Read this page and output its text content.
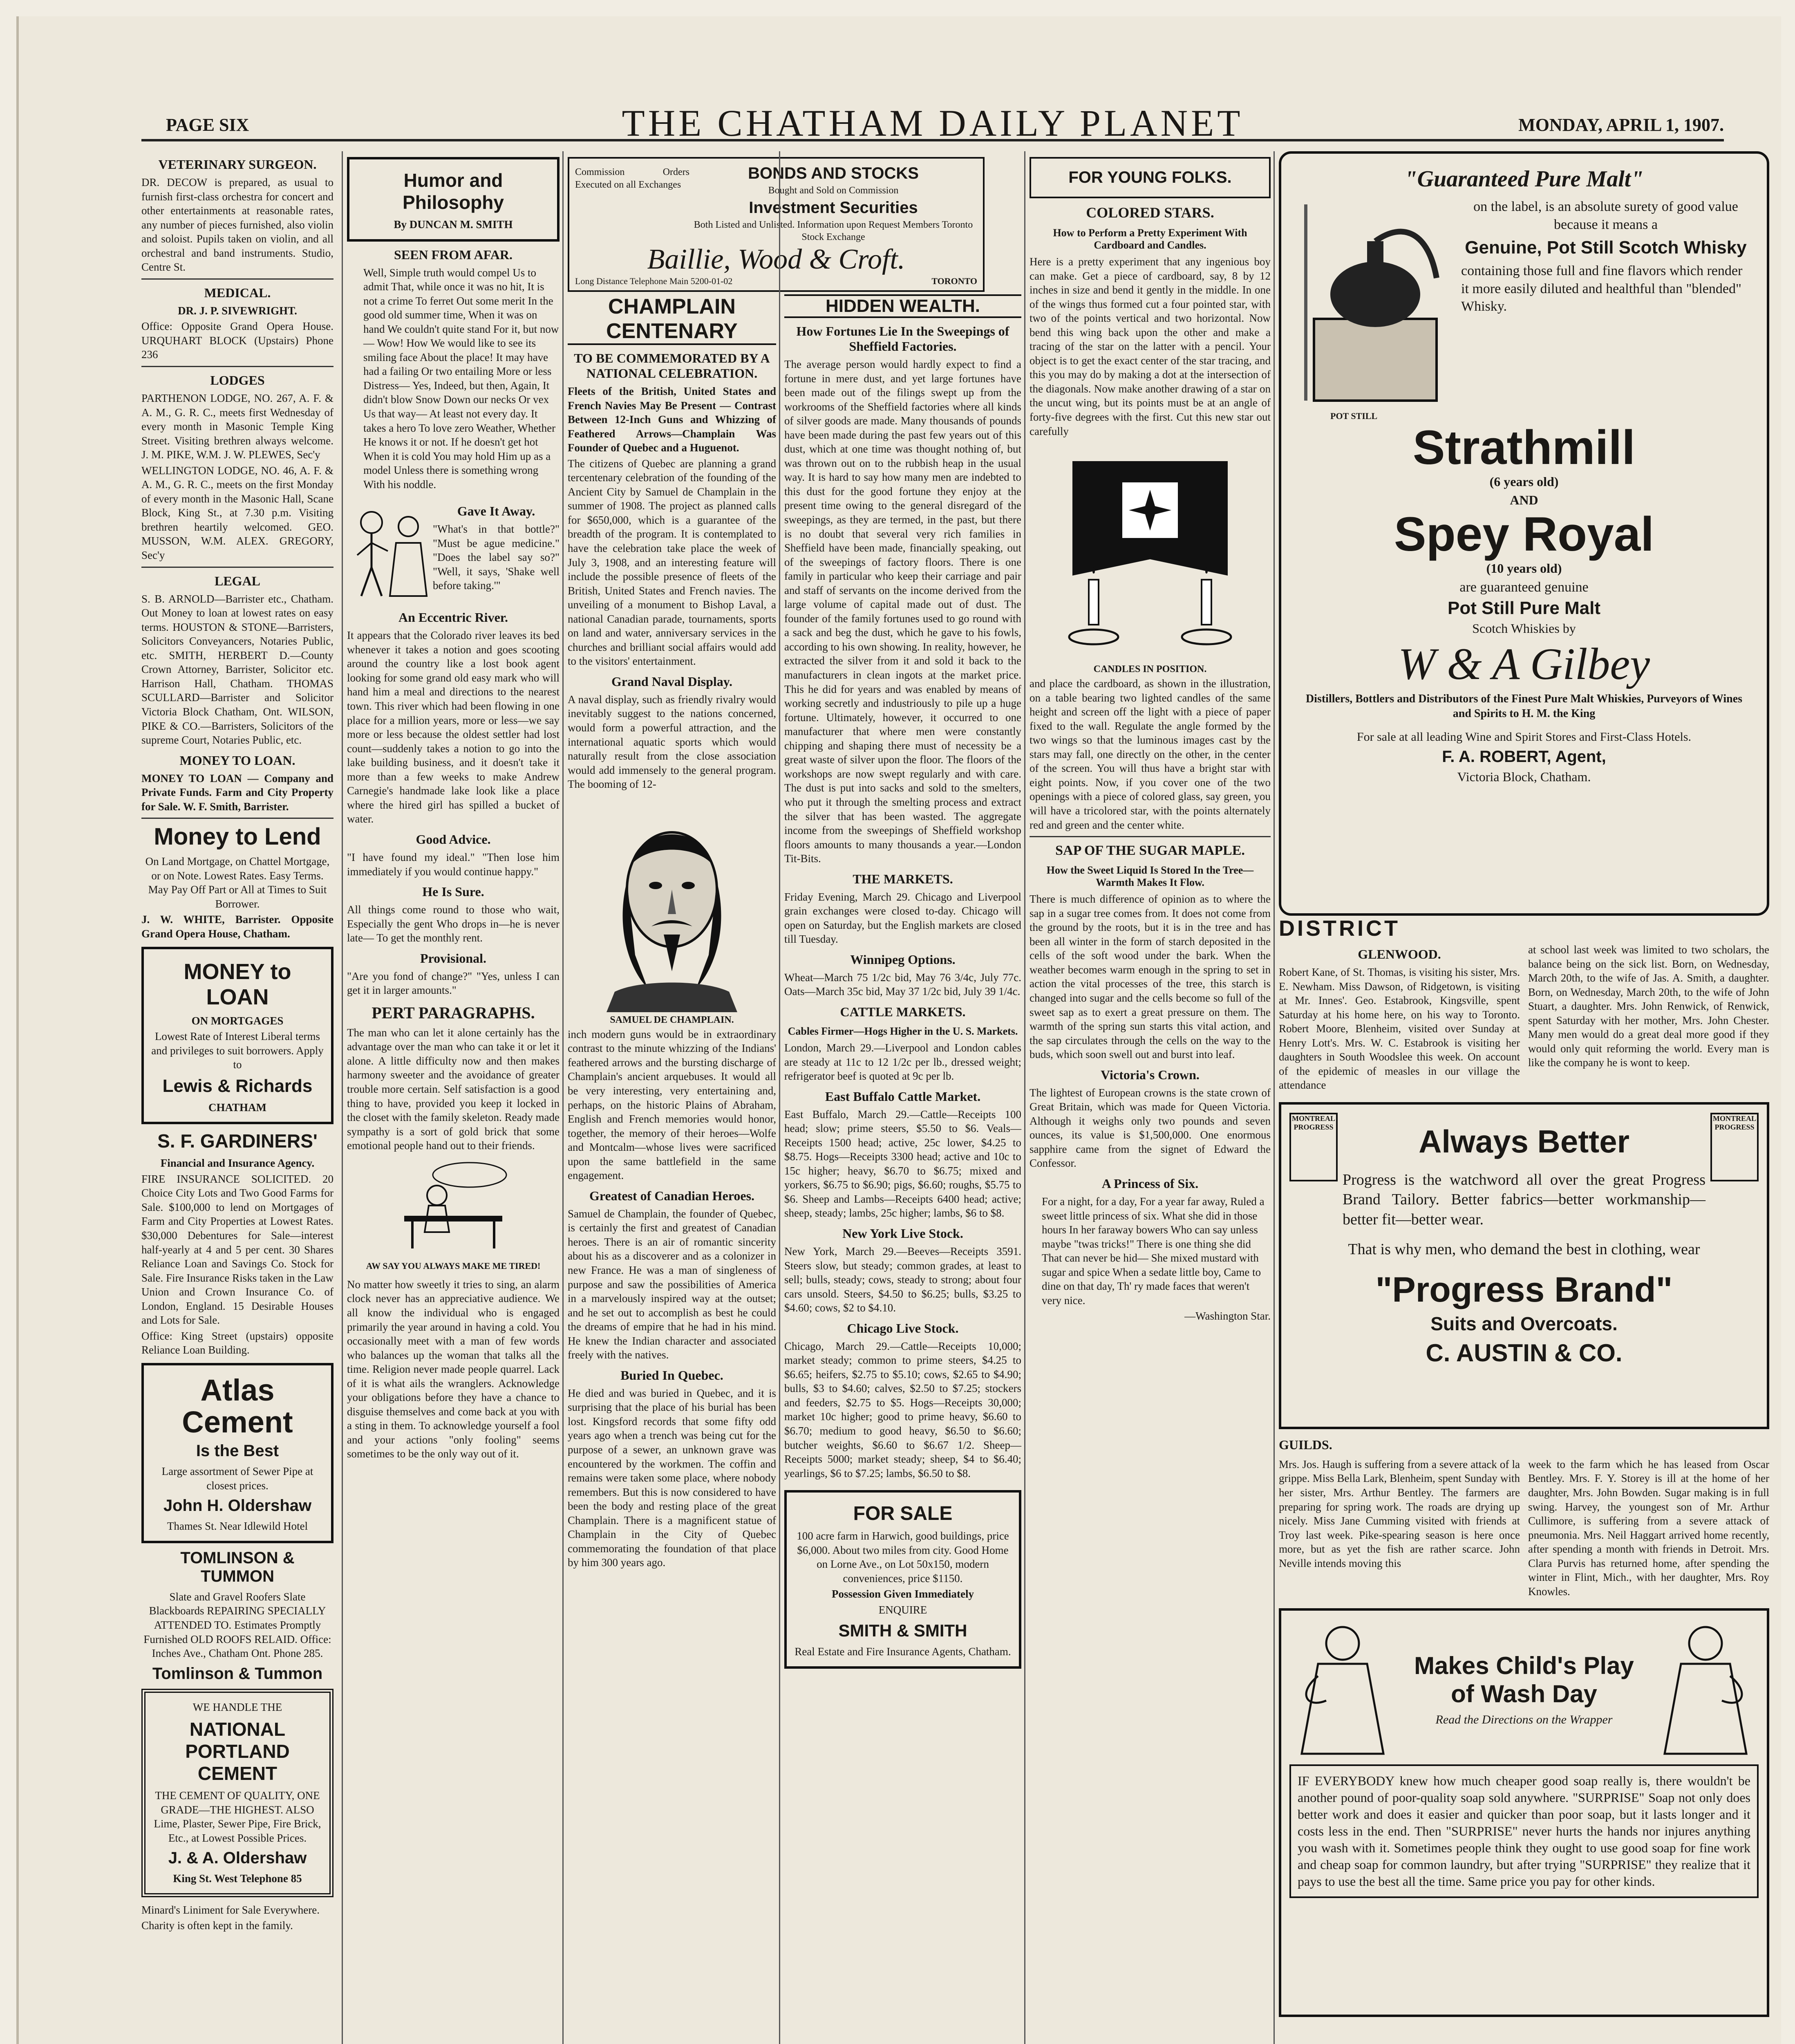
PAGE SIX	THE CHATHAM DAILY PLANET	MONDAY, APRIL 1, 1907.
VETERINARY SURGEON.
DR. DECOW is prepared, as usual to furnish first-class orchestra for concert and other entertainments at reasonable rates, any number of pieces furnished, also violin and soloist. Pupils taken on violin, and all orchestral and band instruments. Studio, Centre St.
MEDICAL.
DR. J. P. SIVEWRIGHT.
Office: Opposite Grand Opera House. URQUHART BLOCK (Upstairs) Phone 236
LODGES
PARTHENON LODGE, NO. 267, A. F. & A. M., G. R. C., meets first Wednesday of every month in Masonic Temple King Street. Visiting brethren always welcome. J. M. PIKE, W.M. J. W. PLEWES, Sec'y
WELLINGTON LODGE, NO. 46, A. F. & A. M., G. R. C., meets on the first Monday of every month in the Masonic Hall, Scane Block, King St., at 7.30 p.m. Visiting brethren heartily welcomed. GEO. MUSSON, W.M. ALEX. GREGORY, Sec'y
LEGAL
S. B. ARNOLD—Barrister etc., Chatham. Out Money to loan at lowest rates on easy terms. HOUSTON & STONE—Barristers, Solicitors Conveyancers, Notaries Public, etc. SMITH, HERBERT D.—County Crown Attorney, Barrister, Solicitor etc. Harrison Hall, Chatham. THOMAS SCULLARD—Barrister and Solicitor Victoria Block Chatham, Ont. WILSON, PIKE & CO.—Barristers, Solicitors of the supreme Court, Notaries Public, etc.
MONEY TO LOAN.
MONEY TO LOAN — Company and Private Funds. Farm and City Property for Sale. W. F. Smith, Barrister.
Money to Lend
On Land Mortgage, on Chattel Mortgage, or on Note. Lowest Rates. Easy Terms. May Pay Off Part or All at Times to Suit Borrower.
J. W. WHITE, Barrister. Opposite Grand Opera House, Chatham.
MONEY to LOAN
ON MORTGAGES
Lowest Rate of Interest Liberal terms and privileges to suit borrowers. Apply to
Lewis & Richards
CHATHAM
S. F. GARDINERS'
Financial and Insurance Agency.
FIRE INSURANCE SOLICITED. 20 Choice City Lots and Two Good Farms for Sale. $100,000 to lend on Mortgages of Farm and City Properties at Lowest Rates. $30,000 Debentures for Sale—interest half-yearly at 4 and 5 per cent. 30 Shares Reliance Loan and Savings Co. Stock for Sale. Fire Insurance Risks taken in the Law Union and Crown Insurance Co. of London, England. 15 Desirable Houses and Lots for Sale.
Office: King Street (upstairs) opposite Reliance Loan Building.
Atlas Cement
Is the Best
Large assortment of Sewer Pipe at closest prices.
John H. Oldershaw
Thames St. Near Idlewild Hotel
TOMLINSON & TUMMON
Slate and Gravel Roofers Slate Blackboards REPAIRING SPECIALLY ATTENDED TO. Estimates Promptly Furnished OLD ROOFS RELAID. Office: Inches Ave., Chatham Ont. Phone 285.
Tomlinson & Tummon
WE HANDLE THE
NATIONAL PORTLAND CEMENT
THE CEMENT OF QUALITY, ONE GRADE—THE HIGHEST. ALSO Lime, Plaster, Sewer Pipe, Fire Brick, Etc., at Lowest Possible Prices.
J. & A. Oldershaw
King St. West Telephone 85
Minard's Liniment for Sale Everywhere.
Charity is often kept in the family.
Humor and Philosophy
By DUNCAN M. SMITH
SEEN FROM AFAR.
Well, Simple truth would compel Us to admit That, while once it was no hit, It is not a crime To ferret Out some merit In the good old summer time, When it was on hand We couldn't quite stand For it, but now— Wow! How We would like to see its smiling face About the place! It may have had a failing Or two entailing More or less Distress— Yes, Indeed, but then, Again, It didn't blow Snow Down our necks Or vex Us that way— At least not every day. It takes a hero To love zero Weather, Whether He knows it or not. If he doesn't get hot When it is cold You may hold Him up as a model Unless there is something wrong With his noddle.
Gave It Away.
"What's in that bottle?" "Must be ague medicine." "Does the label say so?" "Well, it says, 'Shake well before taking.'"
An Eccentric River.
It appears that the Colorado river leaves its bed whenever it takes a notion and goes scooting around the country like a lost book agent looking for some grand old easy mark who will hand him a meal and directions to the nearest town. This river which had been flowing in one place for a million years, more or less—we say more or less because the oldest settler had lost count—suddenly takes a notion to go into the lake building business, and it doesn't take it more than a few weeks to make Andrew Carnegie's handmade lake look like a place where the hired girl has spilled a bucket of water.
Good Advice.
"I have found my ideal." "Then lose him immediately if you would continue happy."
He Is Sure.
All things come round to those who wait, Especially the gent Who drops in—he is never late— To get the monthly rent.
Provisional.
"Are you fond of change?" "Yes, unless I can get it in larger amounts."
PERT PARAGRAPHS.
The man who can let it alone certainly has the advantage over the man who can take it or let it alone. A little difficulty now and then makes harmony sweeter and the avoidance of greater trouble more certain. Self satisfaction is a good thing to have, provided you keep it locked in the closet with the family skeleton. Ready made sympathy is a sort of gold brick that some emotional people hand out to their friends.
AW SAY YOU ALWAYS MAKE ME TIRED!
No matter how sweetly it tries to sing, an alarm clock never has an appreciative audience. We all know the individual who is engaged primarily the year around in having a cold. You occasionally meet with a man of few words who balances up the woman that talks all the time. Religion never made people quarrel. Lack of it is what ails the wranglers. Acknowledge your obligations before they have a chance to disguise themselves and come back at you with a sting in them. To acknowledge yourself a fool and your actions "only fooling" seems sometimes to be the only way out of it.
Commission Orders Executed on all Exchanges
BONDS AND STOCKS
Bought and Sold on Commission
Investment Securities
Both Listed and Unlisted. Information upon Request Members Toronto Stock Exchange
Baillie, Wood & Croft.
Long Distance Telephone Main 5200-01-02	TORONTO
CHAMPLAIN CENTENARY
TO BE COMMEMORATED BY A NATIONAL CELEBRATION.
Fleets of the British, United States and French Navies May Be Present — Contrast Between 12-Inch Guns and Whizzing of Feathered Arrows—Champlain Was Founder of Quebec and a Huguenot.
The citizens of Quebec are planning a grand tercentenary celebration of the founding of the Ancient City by Samuel de Champlain in the summer of 1908. The project as planned calls for $650,000, which is a guarantee of the breadth of the program. It is contemplated to have the celebration take place the week of July 3, 1908, and an interesting feature will include the possible presence of fleets of the British, United States and French navies. The unveiling of a monument to Bishop Laval, a national Canadian parade, tournaments, sports on land and water, anniversary services in the churches and brilliant social affairs would add to the visitors' entertainment.
Grand Naval Display.
A naval display, such as friendly rivalry would inevitably suggest to the nations concerned, would form a powerful attraction, and the international aquatic sports which would naturally result from the close association would add immensely to the general program. The booming of 12-
SAMUEL DE CHAMPLAIN.
inch modern guns would be in extraordinary contrast to the minute whizzing of the Indians' feathered arrows and the bursting discharge of Champlain's ancient arquebuses. It would all be very interesting, very entertaining and, perhaps, on the historic Plains of Abraham, English and French memories would honor, together, the memory of their heroes—Wolfe and Montcalm—whose lives were sacrificed upon the same battlefield in the same engagement.
Greatest of Canadian Heroes.
Samuel de Champlain, the founder of Quebec, is certainly the first and greatest of Canadian heroes. There is an air of romantic sincerity about his as a discoverer and as a colonizer in new France. He was a man of singleness of purpose and saw the possibilities of America in a marvelously inspired way at the outset; and he set out to accomplish as best he could the dreams of empire that he had in his mind. He knew the Indian character and associated freely with the natives.
Buried In Quebec.
He died and was buried in Quebec, and it is surprising that the place of his burial has been lost. Kingsford records that some fifty odd years ago when a trench was being cut for the purpose of a sewer, an unknown grave was encountered by the workmen. The coffin and remains were taken some place, where nobody remembers. But this is now considered to have been the body and resting place of the great Champlain. There is a magnificent statue of Champlain in the City of Quebec commemorating the foundation of that place by him 300 years ago.
HIDDEN WEALTH.
How Fortunes Lie In the Sweepings of Sheffield Factories.
The average person would hardly expect to find a fortune in mere dust, and yet large fortunes have been made out of the filings swept up from the workrooms of the Sheffield factories where all kinds of silver goods are made. Many thousands of pounds have been made during the past few years out of this dust, which at one time was thought nothing of, but was thrown out on to the rubbish heap in the usual way. It is hard to say how many men are indebted to this dust for the good fortune they enjoy at the present time owing to the general disregard of the sweepings, as they are termed, in the past, but there is no doubt that several very rich families in Sheffield have been made, financially speaking, out of the sweepings of factory floors. There is one family in particular who keep their carriage and pair and staff of servants on the income derived from the large volume of capital made out of dust. The founder of the family fortunes used to go round with a sack and beg the dust, which he gave to his fowls, according to his own showing. In reality, however, he extracted the silver from it and sold it back to the manufacturers in clean ingots at the market price. This he did for years and was enabled by means of working secretly and industriously to pile up a huge fortune. Ultimately, however, it occurred to one manufacturer that where men were constantly chipping and shaping there must of necessity be a great waste of silver upon the floor. The floors of the workshops are now swept regularly and with care. The dust is put into sacks and sold to the smelters, who put it through the smelting process and extract the silver that has been wasted. The aggregate income from the sweepings of Sheffield workshop floors amounts to many thousands a year.—London Tit-Bits.
THE MARKETS.
Friday Evening, March 29. Chicago and Liverpool grain exchanges were closed to-day. Chicago will open on Saturday, but the English markets are closed till Tuesday.
Winnipeg Options.
Wheat—March 75 1/2c bid, May 76 3/4c, July 77c. Oats—March 35c bid, May 37 1/2c bid, July 39 1/4c.
CATTLE MARKETS.
Cables Firmer—Hogs Higher in the U. S. Markets.
London, March 29.—Liverpool and London cables are steady at 11c to 12 1/2c per lb., dressed weight; refrigerator beef is quoted at 9c per lb.
East Buffalo Cattle Market.
East Buffalo, March 29.—Cattle—Receipts 100 head; slow; prime steers, $5.50 to $6. Veals—Receipts 1500 head; active, 25c lower, $4.25 to $8.75. Hogs—Receipts 3300 head; active and 10c to 15c higher; heavy, $6.70 to $6.75; mixed and yorkers, $6.75 to $6.90; pigs, $6.60; roughs, $5.75 to $6. Sheep and Lambs—Receipts 6400 head; active; sheep, steady; lambs, 25c higher; lambs, $6 to $8.
New York Live Stock.
New York, March 29.—Beeves—Receipts 3591. Steers slow, but steady; common grades, at least to sell; bulls, steady; cows, steady to strong; about four cars unsold. Steers, $4.50 to $6.25; bulls, $3.25 to $4.60; cows, $2 to $4.10.
Chicago Live Stock.
Chicago, March 29.—Cattle—Receipts 10,000; market steady; common to prime steers, $4.25 to $6.65; heifers, $2.75 to $5.10; cows, $2.65 to $4.90; bulls, $3 to $4.60; calves, $2.50 to $7.25; stockers and feeders, $2.75 to $5. Hogs—Receipts 30,000; market 10c higher; good to prime heavy, $6.60 to $6.70; medium to good heavy, $6.50 to $6.60; butcher weights, $6.60 to $6.67 1/2. Sheep—Receipts 5000; market steady; sheep, $4 to $6.40; yearlings, $6 to $7.25; lambs, $6.50 to $8.
FOR SALE
100 acre farm in Harwich, good buildings, price $6,000. About two miles from city. Good Home on Lorne Ave., on Lot 50x150, modern conveniences, price $1150.
Possession Given Immediately
ENQUIRE
SMITH & SMITH
Real Estate and Fire Insurance Agents, Chatham.
FOR YOUNG FOLKS.
COLORED STARS.
How to Perform a Pretty Experiment With Cardboard and Candles.
Here is a pretty experiment that any ingenious boy can make. Get a piece of cardboard, say, 8 by 12 inches in size and bend it gently in the middle. In one of the wings thus formed cut a four pointed star, with two of the points vertical and two horizontal. Now bend this wing back upon the other and make a tracing of the star on the latter with a pencil. Your object is to get the exact center of the star tracing, and this you may do by making a dot at the intersection of the diagonals. Now make another drawing of a star on the uncut wing, but its points must be at an angle of forty-five degrees with the first. Cut this new star out carefully
CANDLES IN POSITION.
and place the cardboard, as shown in the illustration, on a table bearing two lighted candles of the same height and screen off the light with a piece of paper fixed to the wall. Regulate the angle formed by the two wings so that the luminous images cast by the stars may fall, one directly on the other, in the center of the screen. You will thus have a bright star with eight points. Now, if you cover one of the two openings with a piece of colored glass, say green, you will have a tricolored star, with the points alternately red and green and the center white.
SAP OF THE SUGAR MAPLE.
How the Sweet Liquid Is Stored In the Tree—Warmth Makes It Flow.
There is much difference of opinion as to where the sap in a sugar tree comes from. It does not come from the ground by the roots, but it is in the tree and has been all winter in the form of starch deposited in the cells of the soft wood under the bark. When the weather becomes warm enough in the spring to set in action the vital processes of the tree, this starch is changed into sugar and the cells become so full of the sweet sap as to exert a great pressure on them. The warmth of the spring sun starts this vital action, and the sap circulates through the cells on the way to the buds, which soon swell out and burst into leaf.
Victoria's Crown.
The lightest of European crowns is the state crown of Great Britain, which was made for Queen Victoria. Although it weighs only two pounds and seven ounces, its value is $1,500,000. One enormous sapphire came from the signet of Edward the Confessor.
A Princess of Six.
For a night, for a day, For a year far away, Ruled a sweet little princess of six. What she did in those hours In her faraway bowers Who can say unless maybe "twas tricks!" There is one thing she did That can never be hid— She mixed mustard with sugar and spice When a sedate little boy, Came to dine on that day, Th' ry made faces that weren't very nice.
—Washington Star.
"Guaranteed Pure Malt"
on the label, is an absolute surety of good value because it means a
Genuine, Pot Still Scotch Whisky
containing those full and fine flavors which render it more easily diluted and healthful than "blended" Whisky.
POT STILL
Strathmill
(6 years old)
AND
Spey Royal
(10 years old)
are guaranteed genuine
Pot Still Pure Malt
Scotch Whiskies by
W & A Gilbey
Distillers, Bottlers and Distributors of the Finest Pure Malt Whiskies, Purveyors of Wines and Spirits to H. M. the King
For sale at all leading Wine and Spirit Stores and First-Class Hotels.
F. A. ROBERT, Agent,
Victoria Block, Chatham.
DISTRICT
GLENWOOD.
Robert Kane, of St. Thomas, is visiting his sister, Mrs. E. Newham. Miss Dawson, of Ridgetown, is visiting at Mr. Innes'. Geo. Estabrook, Kingsville, spent Saturday at his home here, on his way to Toronto. Robert Moore, Blenheim, visited over Sunday at Henry Lott's. Mrs. W. C. Estabrook is visiting her daughters in South Woodslee this week. On account of the epidemic of measles in our village the attendance
at school last week was limited to two scholars, the balance being on the sick list. Born, on Wednesday, March 20th, to the wife of Jas. A. Smith, a daughter. Born, on Wednesday, March 20th, to the wife of John Stuart, a daughter. Mrs. John Renwick, of Renwick, spent Saturday with her mother, Mrs. John Chester. Many men would do a great deal more good if they would only quit reforming the world. Every man is like the company he is wont to keep.
MONTREAL PROGRESS
MONTREAL PROGRESS
Always Better
Progress is the watchword all over the great Progress Brand Tailory. Better fabrics—better workmanship—better fit—better wear.
That is why men, who demand the best in clothing, wear
"Progress Brand"
Suits and Overcoats.
C. AUSTIN & CO.
GUILDS.
Mrs. Jos. Haugh is suffering from a severe attack of la grippe. Miss Bella Lark, Blenheim, spent Sunday with her sister, Mrs. Arthur Bentley. The farmers are preparing for spring work. The roads are drying up nicely. Miss Jane Cumming visited with friends at Troy last week. Pike-spearing season is here once more, but as yet the fish are rather scarce. John Neville intends moving this
week to the farm which he has leased from Oscar Bentley. Mrs. F. Y. Storey is ill at the home of her daughter, Mrs. John Bowden. Sugar making is in full swing. Harvey, the youngest son of Mr. Arthur Cullimore, is suffering from a severe attack of pneumonia. Mrs. Neil Haggart arrived home recently, after spending a month with friends in Detroit. Mrs. Clara Purvis has returned home, after spending the winter in Flint, Mich., with her daughter, Mrs. Roy Knowles.
Makes Child's Play of Wash Day
Read the Directions on the Wrapper
IF EVERYBODY knew how much cheaper good soap really is, there wouldn't be another pound of poor-quality soap sold anywhere. "SURPRISE" Soap not only does better work and does it easier and quicker than poor soap, but it lasts longer and it costs less in the end. Then "SURPRISE" never hurts the hands nor injures anything you wash with it. Sometimes people think they ought to use good soap for fine work and cheap soap for common laundry, but after trying "SURPRISE" they realize that it pays to use the best all the time. Same price you pay for other kinds.
